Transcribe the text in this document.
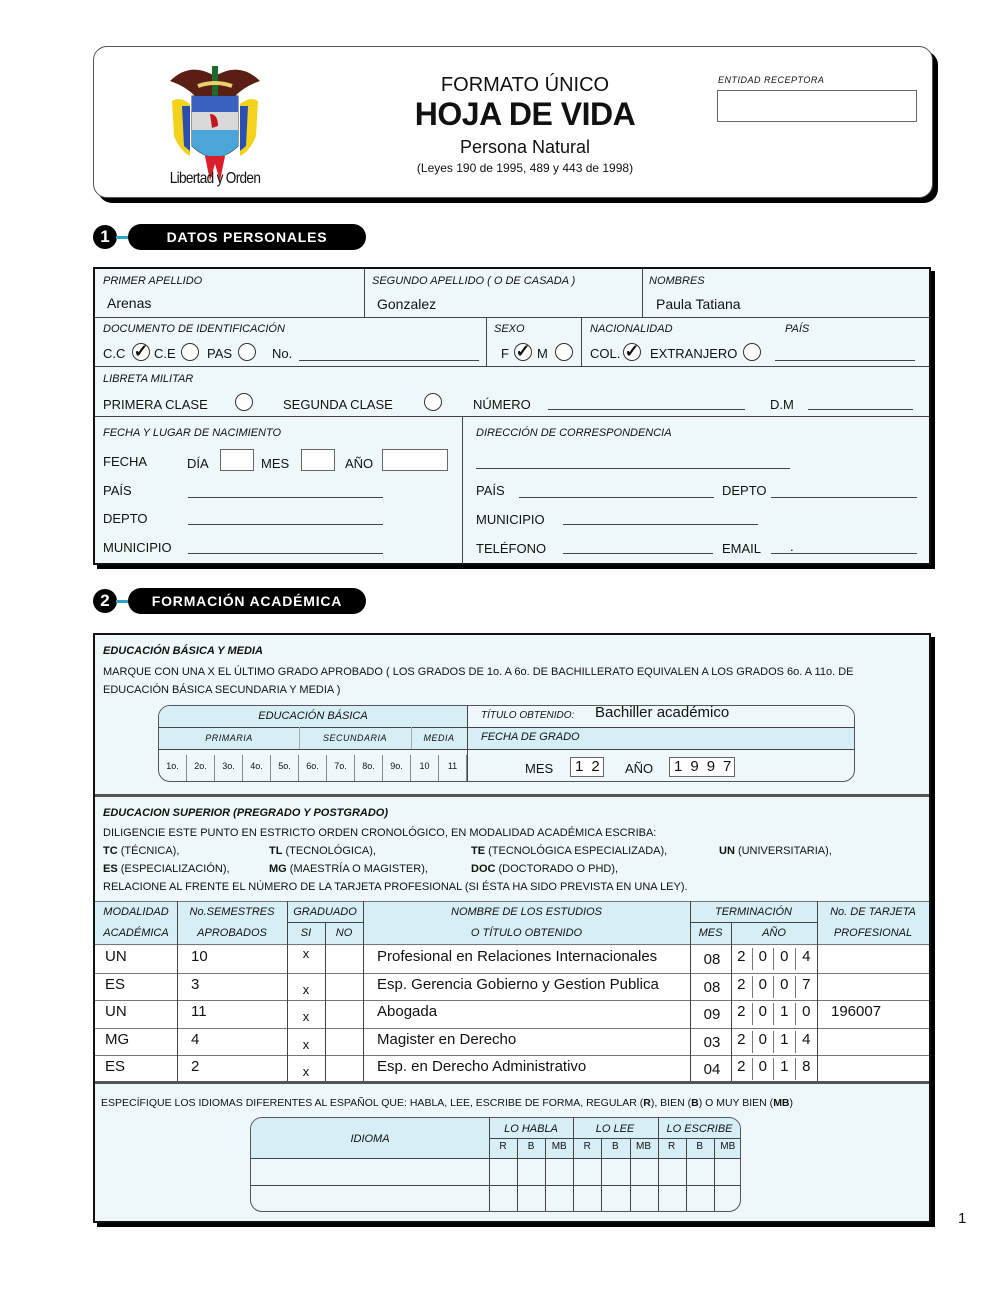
Libertad y Orden
FORMATO ÚNICO
HOJA DE VIDA
Persona Natural
(Leyes 190 de 1995, 489 y 443 de 1998)
ENTIDAD RECEPTORA
1	DATOS PERSONALES
PRIMER APELLIDO
Arenas
SEGUNDO APELLIDO ( O DE CASADA )
Gonzalez
NOMBRES
Paula Tatiana
DOCUMENTO DE IDENTIFICACIÓN
C.C ✓ C.E PAS	No.
SEXO
F ✓ M
NACIONALIDAD	PAÍS
COL. ✓ EXTRANJERO
LIBRETA MILITAR
PRIMERA CLASE	SEGUNDA CLASE	NÚMERO	D.M
FECHA Y LUGAR DE NACIMIENTO
FECHA	DÍA	MES	AÑO
PAÍS
DEPTO
MUNICIPIO
DIRECCIÓN DE CORRESPONDENCIA
PAÍS	DEPTO
MUNICIPIO
TELÉFONO	EMAIL .
2	FORMACIÓN ACADÉMICA
EDUCACIÓN BÁSICA Y MEDIA
MARQUE CON UNA X EL ÚLTIMO GRADO APROBADO ( LOS GRADOS DE 1o. A 6o. DE BACHILLERATO EQUIVALEN A LOS GRADOS 6o. A 11o. DE
EDUCACIÓN BÁSICA SECUNDARIA Y MEDIA )
EDUCACIÓN BÁSICA
PRIMARIA	SECUNDARIA	MEDIA
1o.	2o.	3o.	4o.	5o.	6o.	7o.	8o.	9o.	10	11
TÍTULO OBTENIDO: Bachiller académico
FECHA DE GRADO
MES	12 AÑO	1997
EDUCACION SUPERIOR (PREGRADO Y POSTGRADO)
DILIGENCIE ESTE PUNTO EN ESTRICTO ORDEN CRONOLÓGICO, EN MODALIDAD ACADÉMICA ESCRIBA:
TC (TÉCNICA),	TL (TECNOLÓGICA),	TE (TECNOLÓGICA ESPECIALIZADA),	UN (UNIVERSITARIA),
ES (ESPECIALIZACIÓN),	MG (MAESTRÍA O MAGISTER),	DOC (DOCTORADO O PHD),
RELACIONE AL FRENTE EL NÚMERO DE LA TARJETA PROFESIONAL (SI ÉSTA HA SIDO PREVISTA EN UNA LEY).
MODALIDAD
ACADÉMICA
No.SEMESTRES
APROBADOS
GRADUADO
SI	NO
NOMBRE DE LOS ESTUDIOS
O TÍTULO OBTENIDO
TERMINACIÓN
MES	AÑO
No. DE TARJETA
PROFESIONAL
UN	10	x	Profesional en Relaciones Internacionales	08	2 0 0 4
ES	3	x	Esp. Gerencia Gobierno y Gestion Publica	08	2 0 0 7
UN	11	x	Abogada	09	2 0 1 0	196007
MG	4	x	Magister en Derecho	03	2 0 1 4
ES	2	x	Esp. en Derecho Administrativo	04	2 0 1 8
ESPECÍFIQUE LOS IDIOMAS DIFERENTES AL ESPAÑOL QUE: HABLA, LEE, ESCRIBE DE FORMA, REGULAR (R), BIEN (B) O MUY BIEN (MB)
IDIOMA
LO HABLA	LO LEE	LO ESCRIBE
R	B	MB	R	B	MB	R	B	MB
1
